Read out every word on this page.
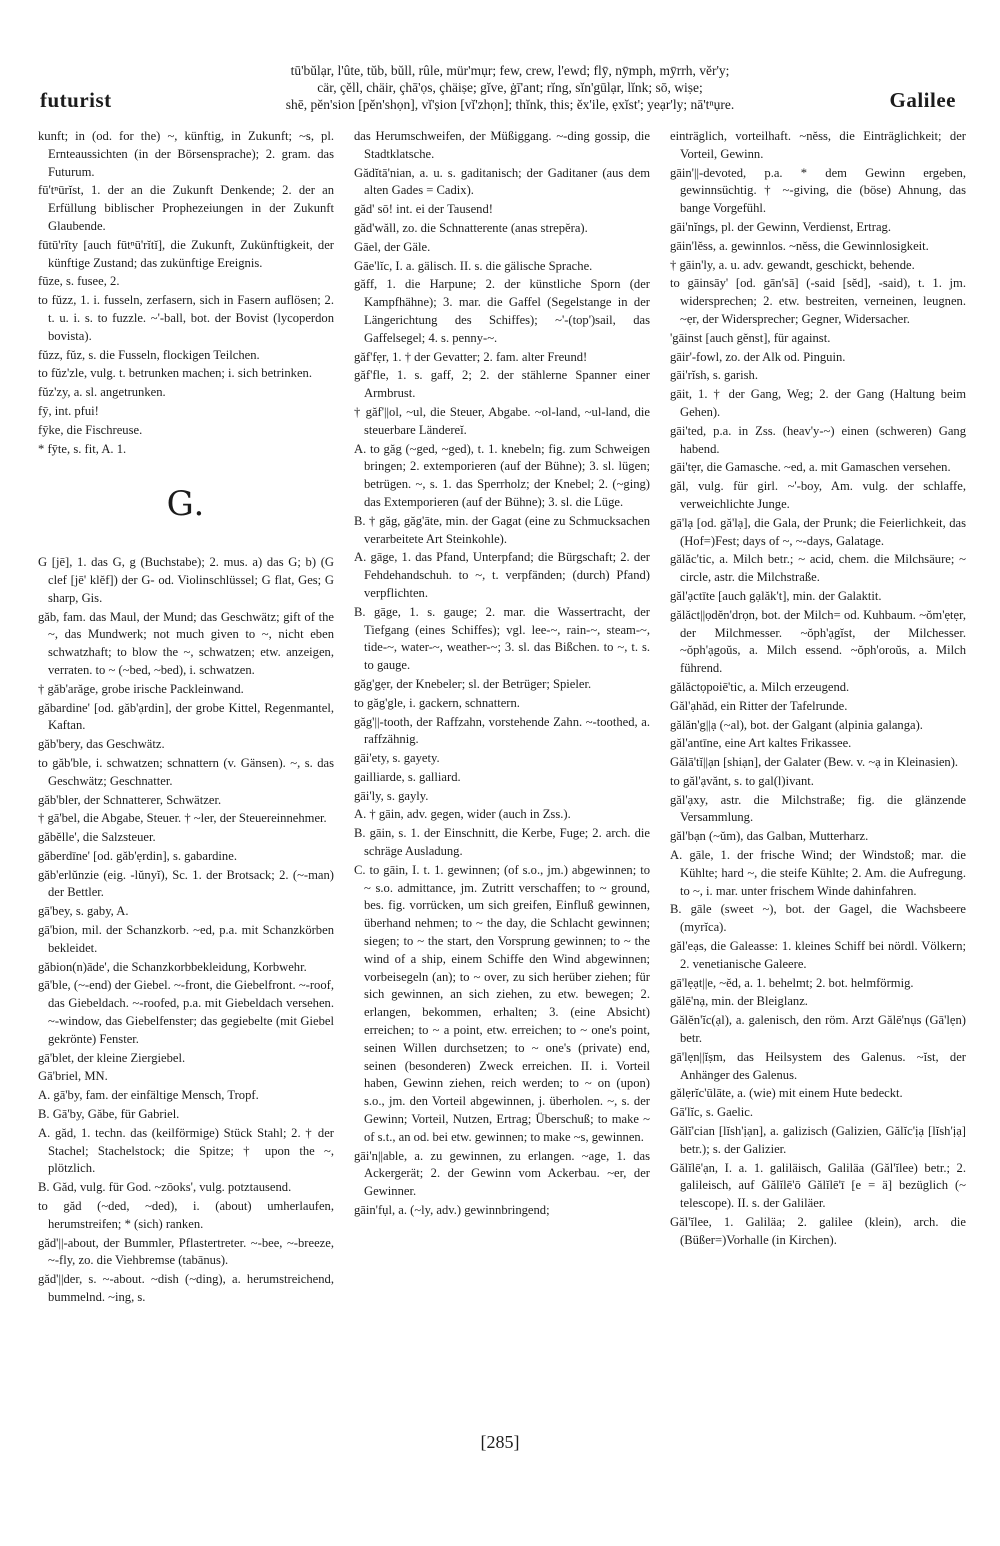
futurist
tū'bŭlạr, l'ûte, tŭb, bŭll, rûle, mür'mụr; few, crew, l'ewd; flȳ, nȳmph, mȳrrh, vĕr'y;
cär, çĕll, chäir, çhā'ọs, çhäiṣe; gĭve, ġī'ant; rĭng, sĭn'gūlạr, lĭnk; sō, wiṣe;
shē, pĕn'sion [pĕn'shọn], vĭ'ṣion [vĭ'zhọn]; thĭnk, this; ĕx'ile, ẹxĭst'; yeạr'ly; nā'tⁿụre.	Galilee
kunft; in (od. for the) ~, künftig, in Zukunft; ~s, pl. Ernteaussichten (in der Börsensprache); 2. gram. das Futurum.
fū'tⁿūrĭst, 1. der an die Zukunft Denkende; 2. der an Erfüllung biblischer Prophezeiungen in der Zukunft Glaubende.
fūtū'rĭty [auch fūtⁿū'rĭtĭ], die Zukunft, Zukünftigkeit, der künftige Zustand; das zukünftige Ereignis.
fūze, s. fusee, 2.
to fŭzz, 1. i. fusseln, zerfasern, sich in Fasern auflösen; 2. t. u. i. s. to fuzzle. ~'-ball, bot. der Bovist (lycoperdon bovista).
fŭzz, fŭz, s. die Fusseln, flockigen Teilchen.
to fŭz'zle, vulg. t. betrunken machen; i. sich betrinken.
fŭz'zy, a. sl. angetrunken.
fȳ, int. pfui!
fȳke, die Fischreuse.
* fȳte, s. fit, A. 1.
G.
G [jē], 1. das G, g (Buchstabe); 2. mus. a) das G; b) (G clef [jē' klĕf]) der G- od. Violinschlüssel; G flat, Ges; G sharp, Gis.
găb, fam. das Maul, der Mund; das Geschwätz; gift of the ~, das Mundwerk; not much given to ~, nicht eben schwatzhaft; to blow the ~, schwatzen; etw. anzeigen, verraten. to ~ (~bed, ~bed), i. schwatzen.
† găb'arăge, grobe irische Packleinwand.
găbardine' [od. găb'ạrdin], der grobe Kittel, Regenmantel, Kaftan.
găb'bery, das Geschwätz.
to găb'ble, i. schwatzen; schnattern (v. Gänsen). ~, s. das Geschwätz; Geschnatter.
găb'bler, der Schnatterer, Schwätzer.
† gā'bel, die Abgabe, Steuer. † ~ler, der Steuereinnehmer.
găbĕlle', die Salzsteuer.
găberdīne' [od. găb'ẹrdin], s. gabardine.
găb'erlŭnzie (eig. -lŭnyĭ), Sc. 1. der Brotsack; 2. (~-man) der Bettler.
gā'bey, s. gaby, A.
gā'bion, mil. der Schanzkorb. ~ed, p.a. mit Schanzkörben bekleidet.
găbion(n)āde', die Schanzkorbbekleidung, Korbwehr.
gā'ble, (~-end) der Giebel. ~-front, die Giebelfront. ~-roof, das Giebeldach. ~-roofed, p.a. mit Giebeldach versehen. ~-window, das Giebelfenster; das gegiebelte (mit Giebel gekrönte) Fenster.
gā'blet, der kleine Ziergiebel.
Gā'briel, MN.
A. gā'by, fam. der einfältige Mensch, Tropf.
B. Gā'by, Găbe, für Gabriel.
A. găd, 1. techn. das (keilförmige) Stück Stahl; 2. † der Stachel; Stachelstock; die Spitze; † upon the ~, plötzlich.
B. Găd, vulg. für God. ~zōoks', vulg. potztausend.
to găd (~ded, ~ded), i. (about) umherlaufen, herumstreifen; * (sich) ranken.
găd'||-about, der Bummler, Pflastertreter. ~-bee, ~-breeze, ~-fly, zo. die Viehbremse (tabānus).
găd'||der, s. ~-about. ~dish (~ding), a. herumstreichend, bummelnd. ~ing, s.
das Herumschweifen, der Müßiggang. ~-ding gossip, die Stadtklatsche.
Gădĭtā'nian, a. u. s. gaditanisch; der Gaditaner (aus dem alten Gades = Cadix).
găd' sō! int. ei der Tausend!
găd'wăll, zo. die Schnatterente (anas strepĕra).
Gāel, der Gäle.
Gāe'lĭc, I. a. gälisch. II. s. die gälische Sprache.
găff, 1. die Harpune; 2. der künstliche Sporn (der Kampfhähne); 3. mar. die Gaffel (Segelstange in der Längerichtung des Schiffes); ~'-(top')sail, das Gaffelsegel; 4. s. penny-~.
găf'fẹr, 1. † der Gevatter; 2. fam. alter Freund!
găf'fle, 1. s. gaff, 2; 2. der stählerne Spanner einer Armbrust.
† găf'||ol, ~ul, die Steuer, Abgabe. ~ol-land, ~ul-land, die steuerbare Ländereĭ.
A. to găg (~ged, ~ged), t. 1. knebeln; fig. zum Schweigen bringen; 2. extemporieren (auf der Bühne); 3. sl. lügen; betrügen. ~, s. 1. das Sperrholz; der Knebel; 2. (~ging) das Extemporieren (auf der Bühne); 3. sl. die Lüge.
B. † găg, găg'āte, min. der Gagat (eine zu Schmucksachen verarbeitete Art Steinkohle).
A. gāge, 1. das Pfand, Unterpfand; die Bürgschaft; 2. der Fehdehandschuh. to ~, t. verpfänden; (durch) Pfand) verpflichten.
B. gāge, 1. s. gauge; 2. mar. die Wassertracht, der Tiefgang (eines Schiffes); vgl. lee-~, rain-~, steam-~, tide-~, water-~, weather-~; 3. sl. das Bißchen. to ~, t. s. to gauge.
găg'gẹr, der Knebeler; sl. der Betrüger; Spieler.
to găg'gle, i. gackern, schnattern.
găg'||-tooth, der Raffzahn, vorstehende Zahn. ~-toothed, a. raffzähnig.
gāi'ety, s. gayety.
gailliarde, s. galliard.
gāi'ly, s. gayly.
A. † gāin, adv. gegen, wider (auch in Zss.).
B. gāin, s. 1. der Einschnitt, die Kerbe, Fuge; 2. arch. die schräge Ausladung.
C. to gāin, I. t. 1. gewinnen; (of s.o., jm.) abgewinnen; to ~ s.o. admittance, jm. Zutritt verschaffen; to ~ ground, bes. fig. vorrücken, um sich greifen, Einfluß gewinnen, überhand nehmen; to ~ the day, die Schlacht gewinnen; siegen; to ~ the start, den Vorsprung gewinnen; to ~ the wind of a ship, einem Schiffe den Wind abgewinnen; vorbeisegeln (an); to ~ over, zu sich herüber ziehen; für sich gewinnen, an sich ziehen, zu etw. bewegen; 2. erlangen, bekommen, erhalten; 3. (eine Absicht) erreichen; to ~ a point, etw. erreichen; to ~ one's point, seinen Willen durchsetzen; to ~ one's (private) end, seinen (besonderen) Zweck erreichen. II. i. Vorteil haben, Gewinn ziehen, reich werden; to ~ on (upon) s.o., jm. den Vorteil abgewinnen, j. überholen. ~, s. der Gewinn; Vorteil, Nutzen, Ertrag; Überschuß; to make ~ of s.t., an od. bei etw. gewinnen; to make ~s, gewinnen.
gāi'n||able, a. zu gewinnen, zu erlangen. ~age, 1. das Ackergerät; 2. der Gewinn vom Ackerbau. ~er, der Gewinner.
gāin'fụl, a. (~ly, adv.) gewinnbringend;
einträglich, vorteilhaft. ~nĕss, die Einträglichkeit; der Vorteil, Gewinn.
gāin'||-devoted, p.a. * dem Gewinn ergeben, gewinnsüchtig. † ~-giving, die (böse) Ahnung, das bange Vorgefühl.
gāi'nĭngs, pl. der Gewinn, Verdienst, Ertrag.
gāin'lĕss, a. gewinnlos. ~nĕss, die Gewinnlosigkeit.
† gāin'ly, a. u. adv. gewandt, geschickt, behende.
to gāinsāy' [od. gān'sā] (-said [sĕd], -said), t. 1. jm. widersprechen; 2. etw. bestreiten, verneinen, leugnen. ~ẹr, der Widersprecher; Gegner, Widersacher.
'gāinst [auch gĕnst], für against.
gāir'-fowl, zo. der Alk od. Pinguin.
gāi'rĭsh, s. garish.
gāit, 1. † der Gang, Weg; 2. der Gang (Haltung beim Gehen).
gāi'ted, p.a. in Zss. (heav'y-~) einen (schweren) Gang habend.
gāi'tẹr, die Gamasche. ~ed, a. mit Gamaschen versehen.
găl, vulg. für girl. ~'-boy, Am. vulg. der schlaffe, verweichlichte Junge.
gā'lạ [od. gă'lạ], die Gala, der Prunk; die Feierlichkeit, das (Hof=)Fest; days of ~, ~-days, Galatage.
gălăc'tic, a. Milch betr.; ~ acid, chem. die Milchsäure; ~ circle, astr. die Milchstraße.
găl'ạctīte [auch gạlăk't], min. der Galaktit.
gălăct||ọdĕn'drọn, bot. der Milch= od. Kuhbaum. ~ŏm'ẹtẹr, der Milchmesser. ~ŏph'ạgĭst, der Milchesser. ~ŏph'ạgoŭs, a. Milch essend. ~ŏph'oroŭs, a. Milch führend.
gălăctọpoiē'tic, a. Milch erzeugend.
Găl'ạhăd, ein Ritter der Tafelrunde.
gălăn'g||ạ (~al), bot. der Galgant (alpinia galanga).
găl'antīne, eine Art kaltes Frikassee.
Gălā'tĭ||ạn [shiạn], der Galater (Bew. v. ~ạ in Kleinasien).
to găl'ạvănt, s. to gal(l)ivant.
găl'ạxy, astr. die Milchstraße; fig. die glänzende Versammlung.
găl'bạn (~ŭm), das Galban, Mutterharz.
A. gāle, 1. der frische Wind; der Windstoß; mar. die Kühlte; hard ~, die steife Kühlte; 2. Am. die Aufregung. to ~, i. mar. unter frischem Winde dahinfahren.
B. gāle (sweet ~), bot. der Gagel, die Wachsbeere (myrĭca).
găl'eạs, die Galeasse: 1. kleines Schiff bei nördl. Völkern; 2. venetianische Galeere.
gā'lẹạt||e, ~ĕd, a. 1. behelmt; 2. bot. helmförmig.
gălē'nạ, min. der Bleiglanz.
Gălĕn'ĭc(ạl), a. galenisch, den röm. Arzt Gălē'nụs (Gā'lẹn) betr.
gā'lẹn||ĭṣm, das Heilsystem des Galenus. ~ĭst, der Anhänger des Galenus.
gălẹrĭc'ūlāte, a. (wie) mit einem Hute bedeckt.
Gā'lĭc, s. Gaelic.
Gălĭ'cian [lĭsh'ịạn], a. galizisch (Galizien, Gălĭc'ịạ [lĭsh'ịạ] betr.); s. der Galizier.
Gălĭlē'ạn, I. a. 1. galiläisch, Galiläa (Găl'ĭlee) betr.; 2. galileisch, auf Gălĭlē'ō Gălĭlē'ī [e = ä] bezüglich (~ telescope). II. s. der Galiläer.
Găl'ĭlee, 1. Galiläa; 2. galilee (klein), arch. die (Büßer=)Vorhalle (in Kirchen).
[285]
